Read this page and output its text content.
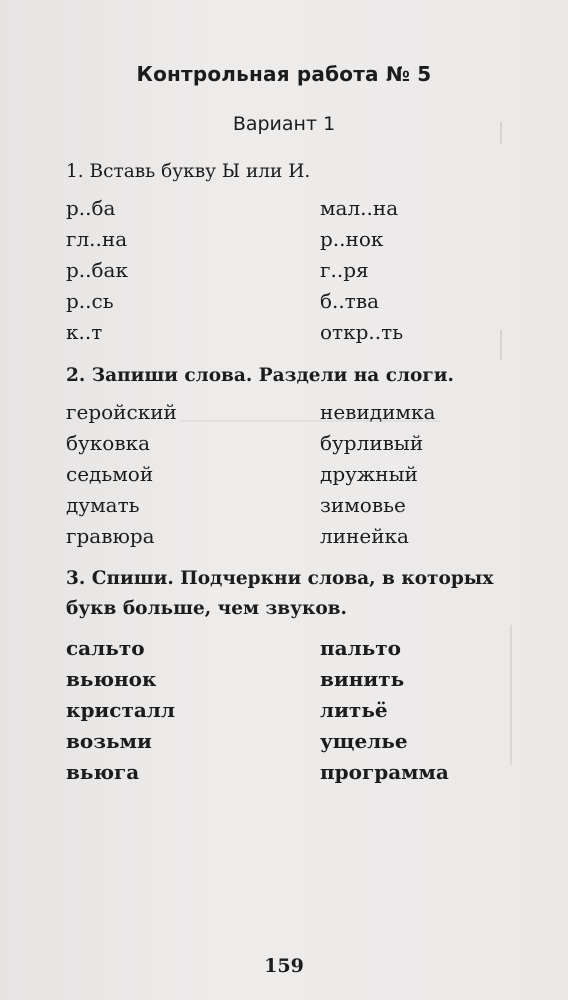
Контрольная работа № 5
Вариант 1
1. Вставь букву Ы или И.
р..ба	мал..на
гл..на	р..нок
р..бак	г..ря
р..сь	б..тва
к..т	откр..ть
2. Запиши слова. Раздели на слоги.
геройский	невидимка
буковка	бурливый
седьмой	дружный
думать	зимовье
гравюра	линейка
3. Спиши. Подчеркни слова, в которых
букв больше, чем звуков.
сальто	пальто
вьюнок	винить
кристалл	литьё
возьми	ущелье
вьюга	программа
159
